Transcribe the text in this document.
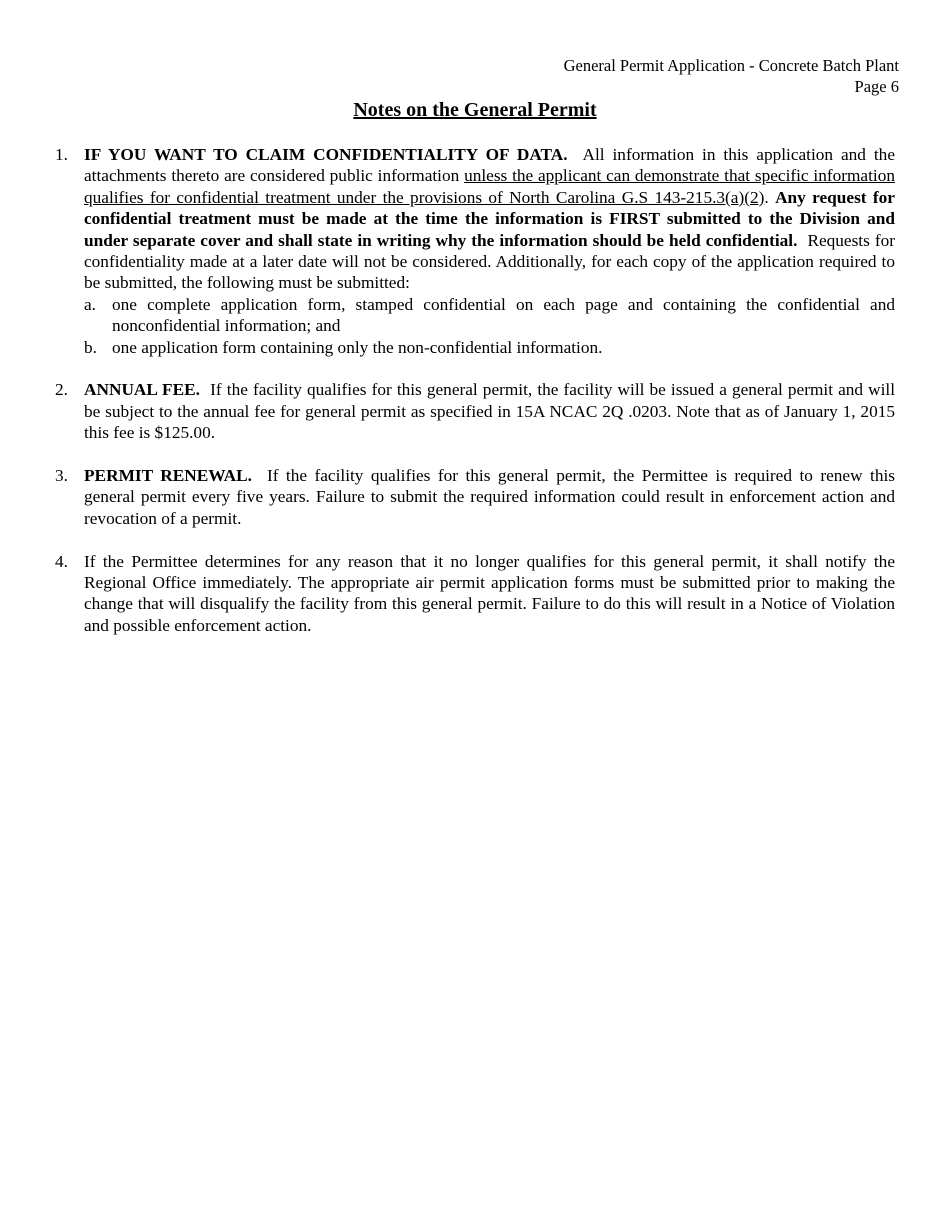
General Permit Application - Concrete Batch Plant
Page 6
Notes on the General Permit
1. IF YOU WANT TO CLAIM CONFIDENTIALITY OF DATA. All information in this application and the attachments thereto are considered public information unless the applicant can demonstrate that specific information qualifies for confidential treatment under the provisions of North Carolina G.S 143-215.3(a)(2). Any request for confidential treatment must be made at the time the information is FIRST submitted to the Division and under separate cover and shall state in writing why the information should be held confidential. Requests for confidentiality made at a later date will not be considered. Additionally, for each copy of the application required to be submitted, the following must be submitted:

a. one complete application form, stamped confidential on each page and containing the confidential and nonconfidential information; and
b. one application form containing only the non-confidential information.
2. ANNUAL FEE. If the facility qualifies for this general permit, the facility will be issued a general permit and will be subject to the annual fee for general permit as specified in 15A NCAC 2Q .0203. Note that as of January 1, 2015 this fee is $125.00.

3. PERMIT RENEWAL. If the facility qualifies for this general permit, the Permittee is required to renew this general permit every five years. Failure to submit the required information could result in enforcement action and revocation of a permit.

4. If the Permittee determines for any reason that it no longer qualifies for this general permit, it shall notify the Regional Office immediately. The appropriate air permit application forms must be submitted prior to making the change that will disqualify the facility from this general permit. Failure to do this will result in a Notice of Violation and possible enforcement action.
